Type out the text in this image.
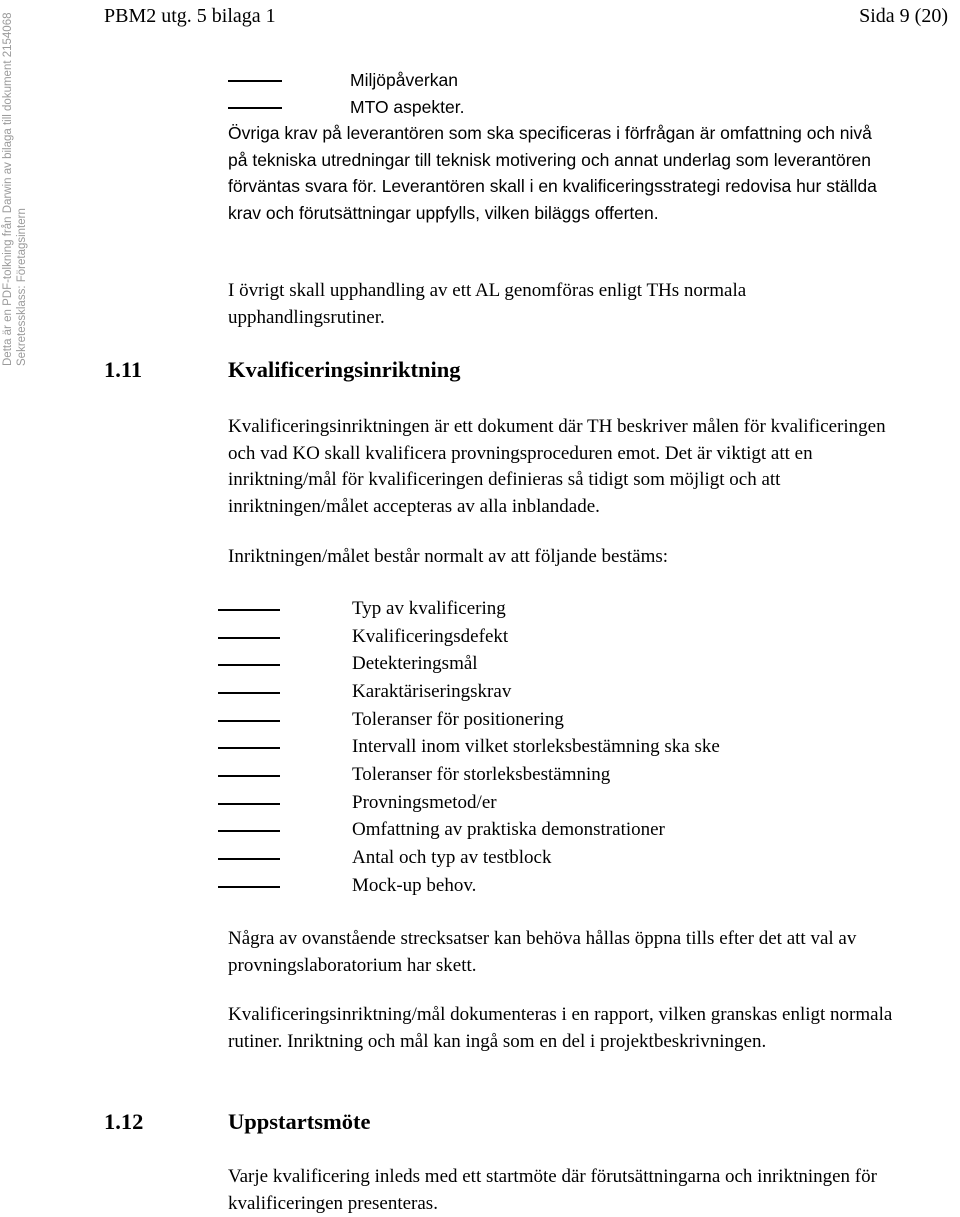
Detta är en PDF-tolkning från Darwin av bilaga till dokument 2154068 Sekretessklass: Företagsintern
PBM2 utg. 5 bilaga 1	Sida 9 (20)
Miljöpåverkan
MTO aspekter.

Övriga krav på leverantören som ska specificeras i förfrågan är omfattning och nivå på tekniska utredningar till teknisk motivering och annat underlag som leverantören förväntas svara för. Leverantören skall i en kvalificeringsstrategi redovisa hur ställda krav och förutsättningar uppfylls, vilken biläggs offerten.

I övrigt skall upphandling av ett AL genomföras enligt THs normala upphandlingsrutiner.

1.11	Kvalificeringsinriktning

Kvalificeringsinriktningen är ett dokument där TH beskriver målen för kvalificeringen och vad KO skall kvalificera provningsproceduren emot. Det är viktigt att en inriktning/mål för kvalificeringen definieras så tidigt som möjligt och att inriktningen/målet accepteras av alla inblandade.

Inriktningen/målet består normalt av att följande bestäms:

Typ av kvalificering
Kvalificeringsdefekt
Detekteringsmål
Karaktäriseringskrav
Toleranser för positionering
Intervall inom vilket storleksbestämning ska ske
Toleranser för storleksbestämning
Provningsmetod/er
Omfattning av praktiska demonstrationer
Antal och typ av testblock
Mock-up behov.

Några av ovanstående strecksatser kan behöva hållas öppna tills efter det att val av provningslaboratorium har skett.

Kvalificeringsinriktning/mål dokumenteras i en rapport, vilken granskas enligt normala rutiner. Inriktning och mål kan ingå som en del i projektbeskrivningen.

1.12	Uppstartsmöte

Varje kvalificering inleds med ett startmöte där förutsättningarna och inriktningen för kvalificeringen presenteras.
